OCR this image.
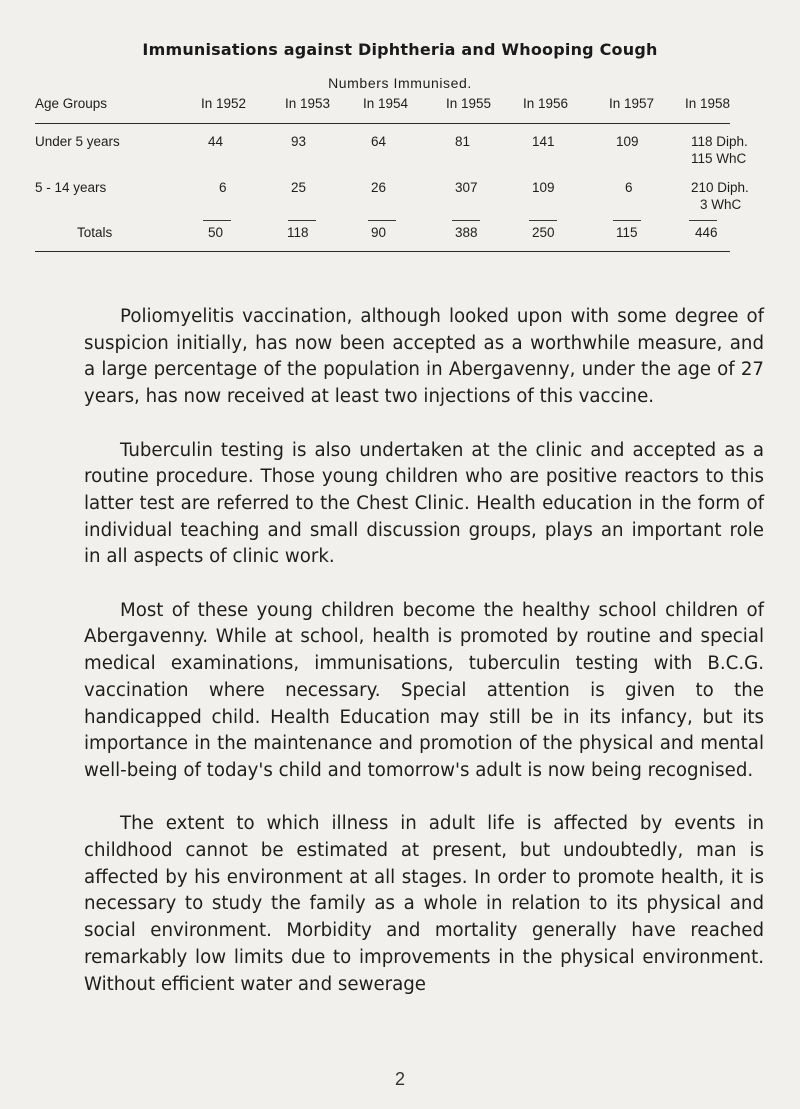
Immunisations against Diphtheria and Whooping Cough
Numbers Immunised.
Age Groups	In 1952	In 1953 In 1954	In 1955 In 1956	In 1957 In 1958
Under 5 years	44	93	64	81	141	109	118 Diph.
115 WhC
5 - 14 years	6	25	26	307	109	6	210 Diph.
3 WhC
Totals	50	118	90	388	250	115	446

Poliomyelitis vaccination, although looked upon with some degree of suspicion initially, has now been accepted as a worthwhile measure, and a large percentage of the population in Abergavenny, under the age of 27 years, has now received at least two injections of this vaccine.

Tuberculin testing is also undertaken at the clinic and accepted as a routine procedure. Those young children who are positive reactors to this latter test are referred to the Chest Clinic. Health education in the form of individual teaching and small discussion groups, plays an important role in all aspects of clinic work.

Most of these young children become the healthy school children of Abergavenny. While at school, health is promoted by routine and special medical examinations, immunisations, tuberculin testing with B.C.G. vaccination where necessary. Special attention is given to the handicapped child. Health Education may still be in its infancy, but its importance in the maintenance and promotion of the physical and mental well-being of today's child and tomorrow's adult is now being recognised.

The extent to which illness in adult life is affected by events in childhood cannot be estimated at present, but undoubtedly, man is affected by his environment at all stages. In order to promote health, it is necessary to study the family as a whole in relation to its physical and social environment. Morbidity and mortality generally have reached remarkably low limits due to improvements in the physical environment. Without efficient water and sewerage

2
